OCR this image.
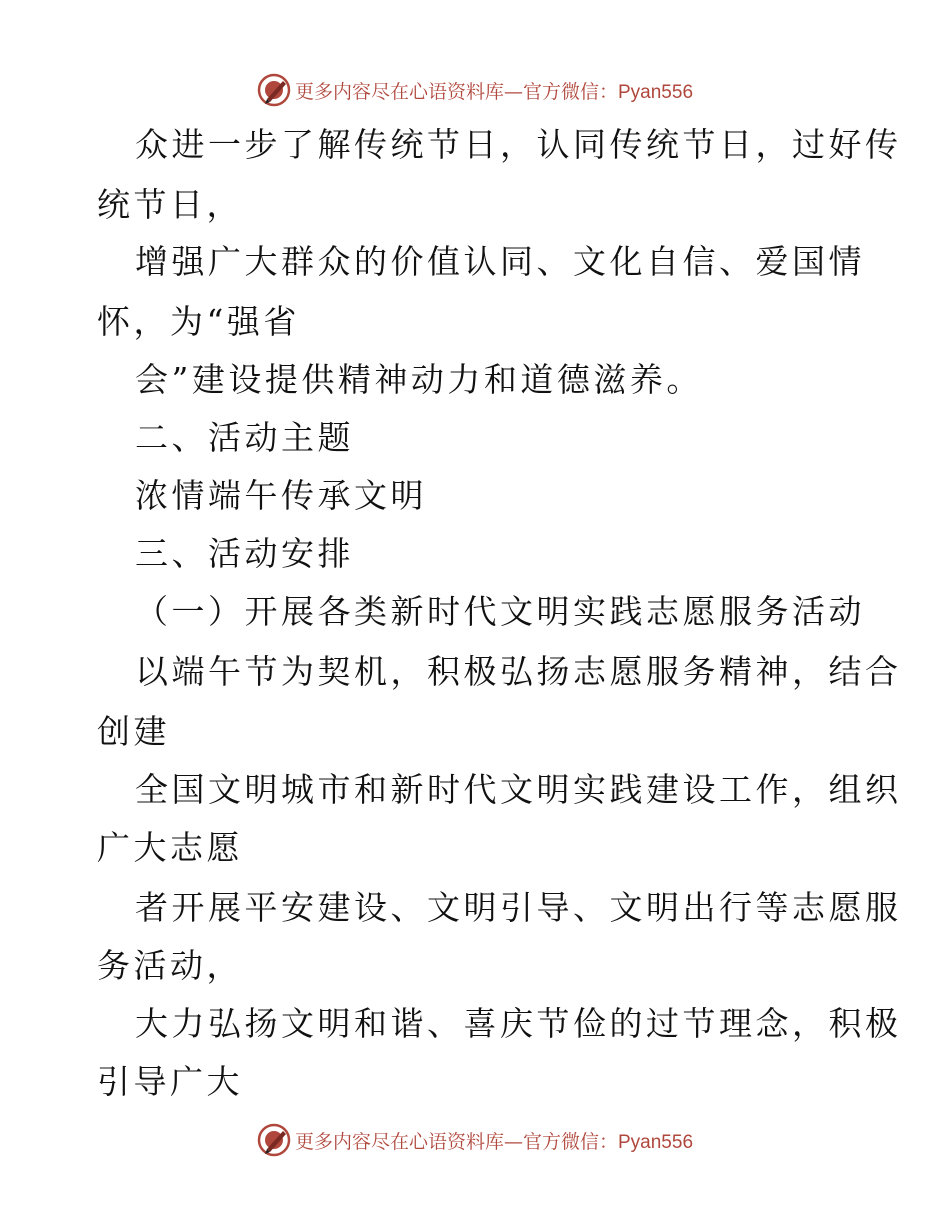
更多内容尽在心语资料库—官方微信：Pyan556
众进一步了解传统节日，认同传统节日，过好传
统节日，
增强广大群众的价值认同、文化自信、爱国情
怀，为“强省
会”建设提供精神动力和道德滋养。
二、活动主题
浓情端午传承文明
三、活动安排
（一）开展各类新时代文明实践志愿服务活动
以端午节为契机，积极弘扬志愿服务精神，结合
创建
全国文明城市和新时代文明实践建设工作，组织
广大志愿
者开展平安建设、文明引导、文明出行等志愿服
务活动，
大力弘扬文明和谐、喜庆节俭的过节理念，积极
引导广大
更多内容尽在心语资料库—官方微信：Pyan556
